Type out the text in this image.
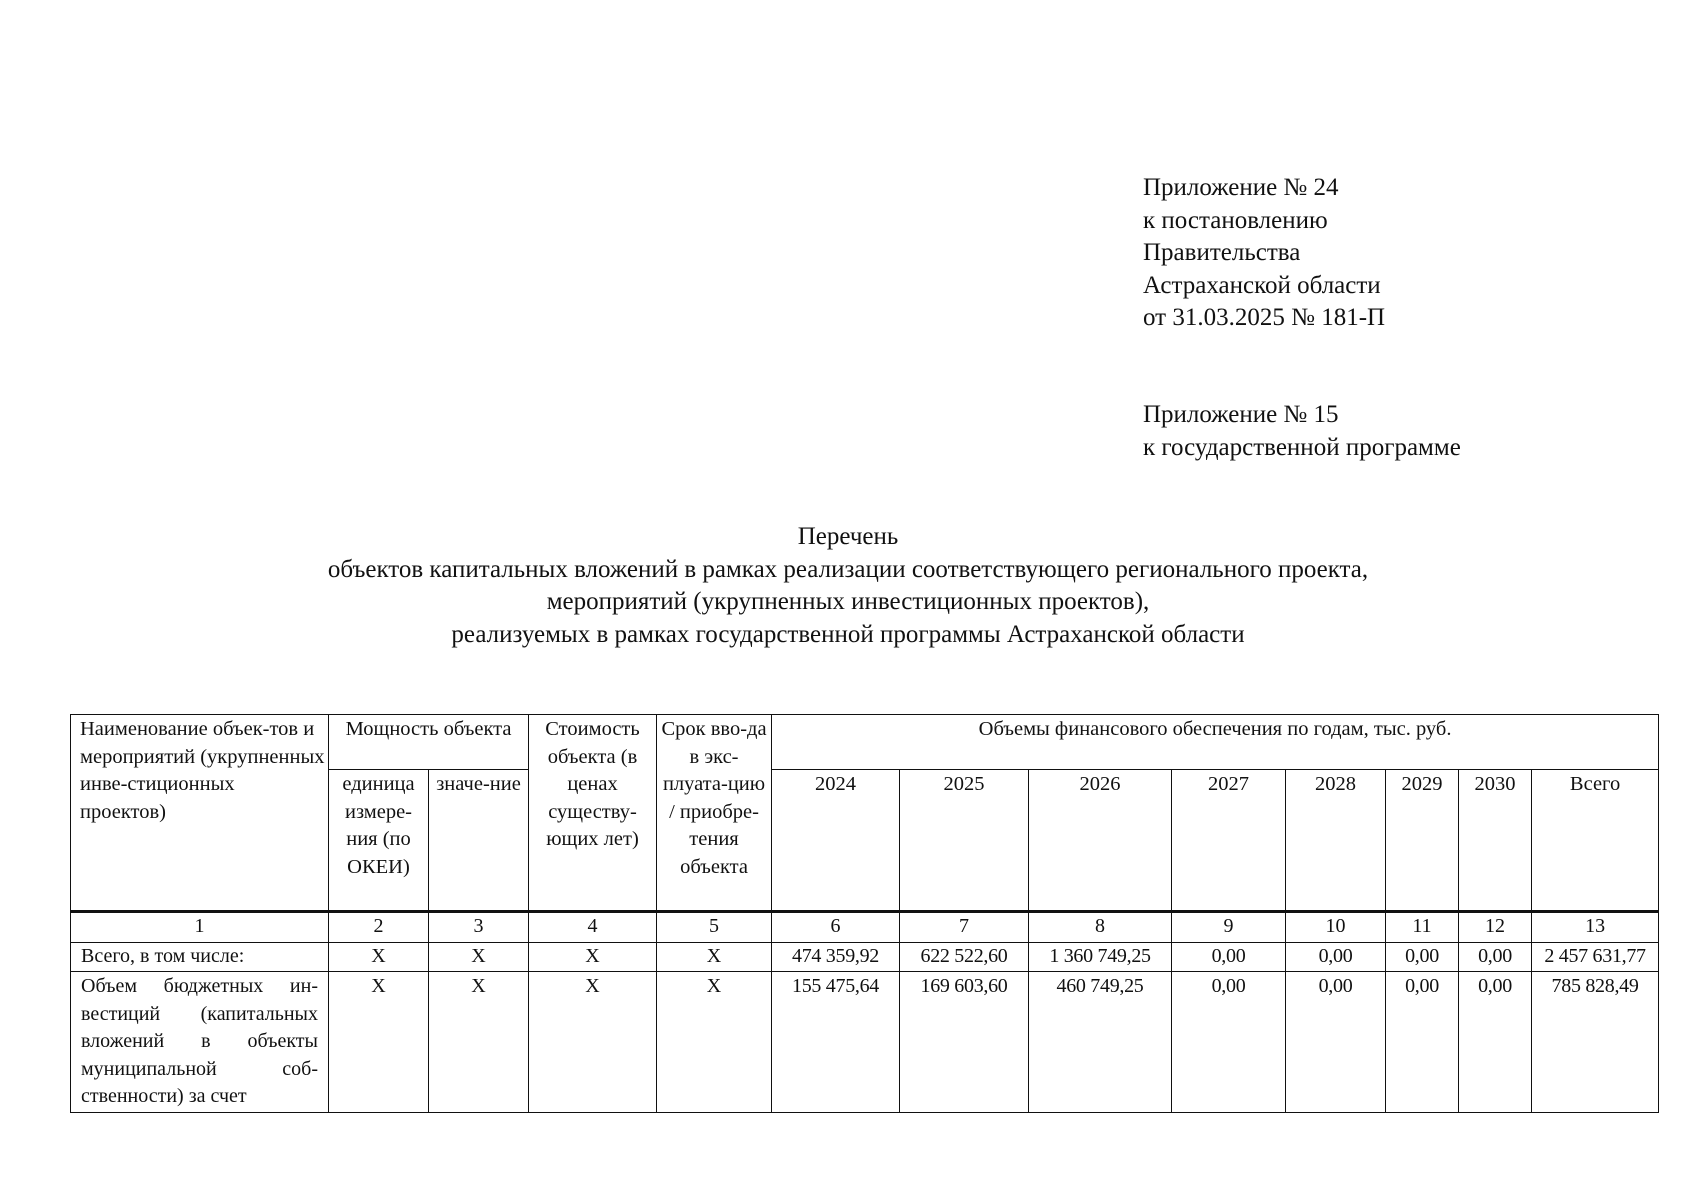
Приложение № 24
к постановлению
Правительства
Астраханской области
от 31.03.2025 № 181-П
Приложение № 15
к государственной программе
Перечень
объектов капитальных вложений в рамках реализации соответствующего регионального проекта,
мероприятий (укрупненных инвестиционных проектов),
реализуемых в рамках государственной программы Астраханской области
Наименование объек-тов и мероприятий (укрупненных инве-стиционных проектов)	Мощность объекта		Стоимость объекта (в ценах существу-ющих лет)	Срок вво-да в экс-плуата-цию / приобре-тения объекта	Объемы финансового обеспечения по годам, тыс. руб.							
	единица измере-ния (по ОКЕИ)	значе-ние			2024	2025	2026	2027	2028	2029	2030	Всего
1	2	3	4	5	6	7	8	9	10	11	12	13
Всего, в том числе:	Х	Х	Х	Х	474 359,92	622 522,60	1 360 749,25	0,00	0,00	0,00	0,00	2 457 631,77
Объем бюджетных ин-вестиций (капитальных вложений в объекты муниципальной соб-ственности) за счет	Х	Х	Х	Х	155 475,64	169 603,60	460 749,25	0,00	0,00	0,00	0,00	785 828,49
